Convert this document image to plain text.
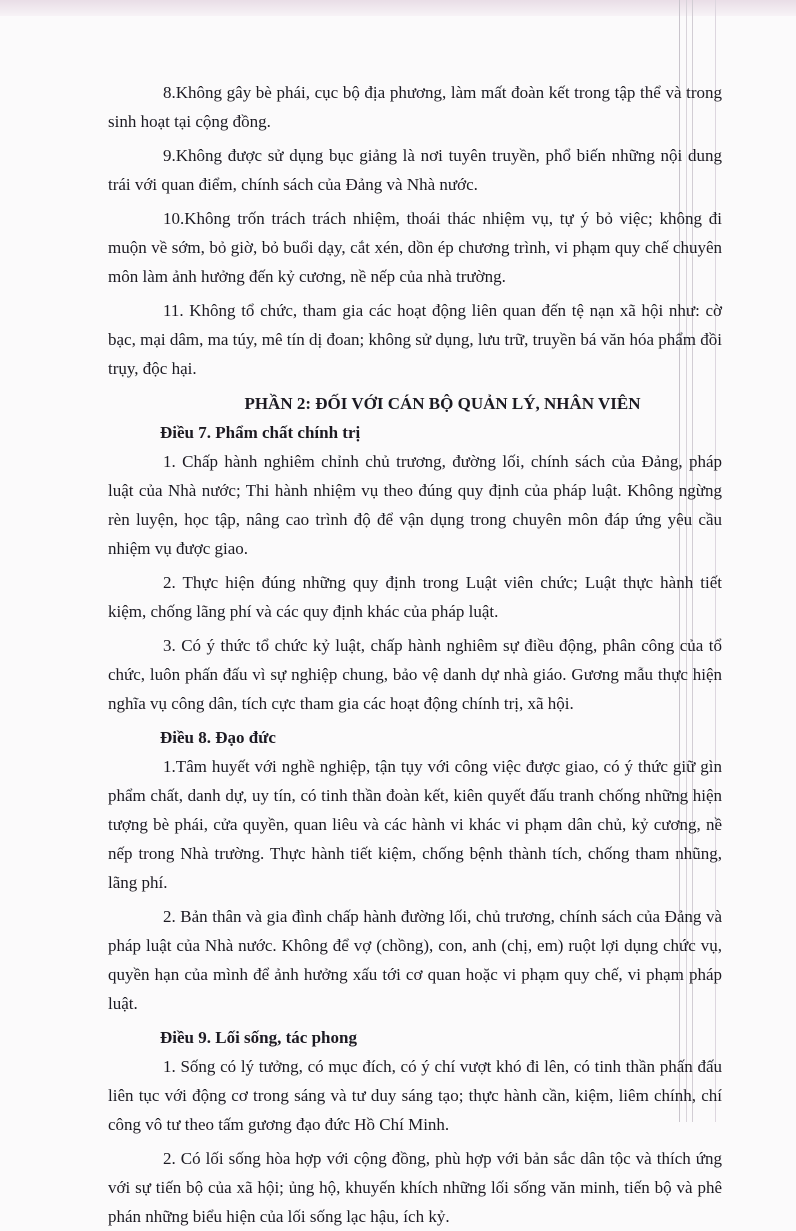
8.Không gây bè phái, cục bộ địa phương, làm mất đoàn kết trong tập thể và trong sinh hoạt tại cộng đồng.

9.Không được sử dụng bục giảng là nơi tuyên truyền, phổ biến những nội dung trái với quan điểm, chính sách của Đảng và Nhà nước.

10.Không trốn trách trách nhiệm, thoái thác nhiệm vụ, tự ý bỏ việc; không đi muộn về sớm, bỏ giờ, bỏ buổi dạy, cắt xén, dồn ép chương trình, vi phạm quy chế chuyên môn làm ảnh hưởng đến kỷ cương, nề nếp của nhà trường.

11. Không tổ chức, tham gia các hoạt động liên quan đến tệ nạn xã hội như: cờ bạc, mại dâm, ma túy, mê tín dị đoan; không sử dụng, lưu trữ, truyền bá văn hóa phẩm đồi trụy, độc hại.

PHẦN 2: ĐỐI VỚI CÁN BỘ QUẢN LÝ, NHÂN VIÊN

Điều 7. Phẩm chất chính trị

1. Chấp hành nghiêm chỉnh chủ trương, đường lối, chính sách của Đảng, pháp luật của Nhà nước; Thi hành nhiệm vụ theo đúng quy định của pháp luật. Không ngừng rèn luyện, học tập, nâng cao trình độ để vận dụng trong chuyên môn đáp ứng yêu cầu nhiệm vụ được giao.

2. Thực hiện đúng những quy định trong Luật viên chức; Luật thực hành tiết kiệm, chống lãng phí và các quy định khác của pháp luật.

3. Có ý thức tổ chức kỷ luật, chấp hành nghiêm sự điều động, phân công của tổ chức, luôn phấn đấu vì sự nghiệp chung, bảo vệ danh dự nhà giáo. Gương mẫu thực hiện nghĩa vụ công dân, tích cực tham gia các hoạt động chính trị, xã hội.

Điều 8. Đạo đức

1.Tâm huyết với nghề nghiệp, tận tụy với công việc được giao, có ý thức giữ gìn phẩm chất, danh dự, uy tín, có tinh thần đoàn kết, kiên quyết đấu tranh chống những hiện tượng bè phái, cửa quyền, quan liêu và các hành vi khác vi phạm dân chủ, kỷ cương, nề nếp trong Nhà trường. Thực hành tiết kiệm, chống bệnh thành tích, chống tham nhũng, lãng phí.

2. Bản thân và gia đình chấp hành đường lối, chủ trương, chính sách của Đảng và pháp luật của Nhà nước. Không để vợ (chồng), con, anh (chị, em) ruột lợi dụng chức vụ, quyền hạn của mình để ảnh hưởng xấu tới cơ quan hoặc vi phạm quy chế, vi phạm pháp luật.

Điều 9. Lối sống, tác phong

1. Sống có lý tưởng, có mục đích, có ý chí vượt khó đi lên, có tinh thần phấn đấu liên tục với động cơ trong sáng và tư duy sáng tạo; thực hành cần, kiệm, liêm chính, chí công vô tư theo tấm gương đạo đức Hồ Chí Minh.

2. Có lối sống hòa hợp với cộng đồng, phù hợp với bản sắc dân tộc và thích ứng với sự tiến bộ của xã hội; ủng hộ, khuyến khích những lối sống văn minh, tiến bộ và phê phán những biểu hiện của lối sống lạc hậu, ích kỷ.
